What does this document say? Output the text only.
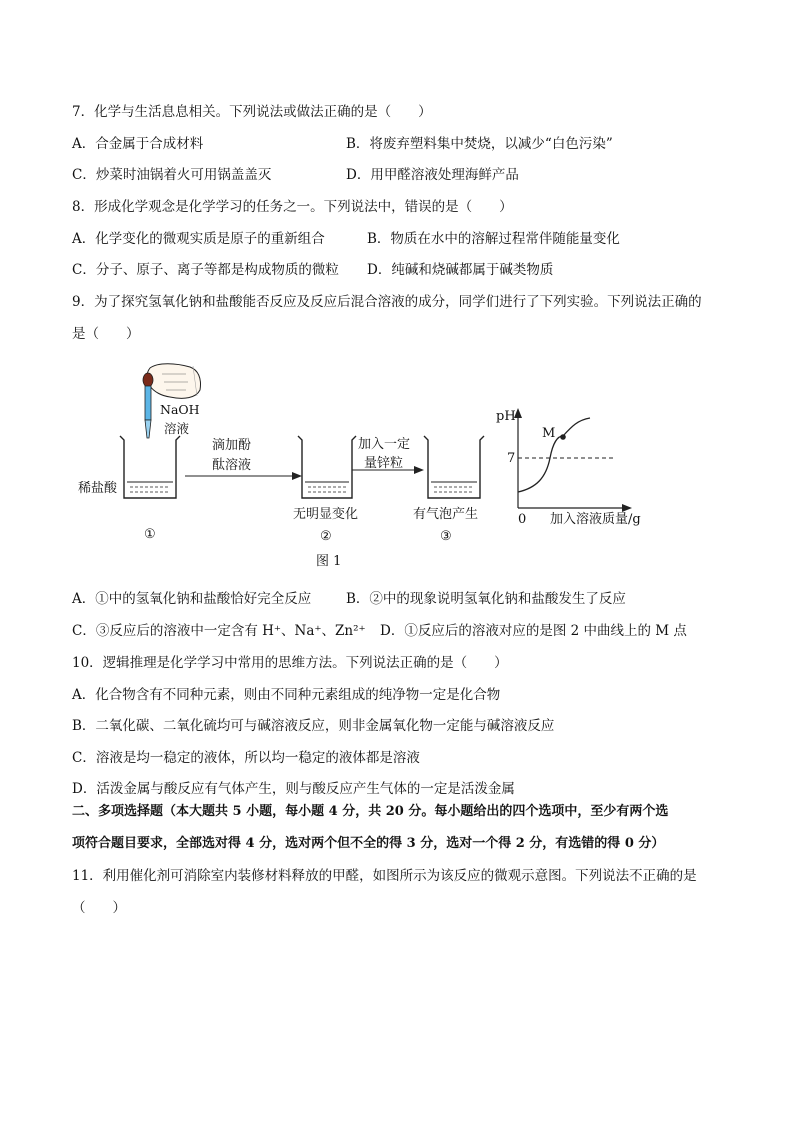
7．化学与生活息息相关。下列说法或做法正确的是（　　）
A．合金属于合成材料	B．将废弃塑料集中焚烧，以减少“白色污染”
C．炒菜时油锅着火可用锅盖盖灭	D．用甲醛溶液处理海鲜产品
8．形成化学观念是化学学习的任务之一。下列说法中，错误的是（　　）
A．化学变化的微观实质是原子的重新组合	B．物质在水中的溶解过程常伴随能量变化
C．分子、原子、离子等都是构成物质的微粒 D．纯碱和烧碱都属于碱类物质
9．为了探究氢氧化钠和盐酸能否反应及反应后混合溶液的成分，同学们进行了下列实验。下列说法正确的
是（　　）
NaOH
溶液
稀盐酸
①
滴加酚
酞溶液
无明显变化
②
加入一定
量锌粒
有气泡产生
③
图 1
pH
M
7
0 加入溶液质量/g
A．①中的氢氧化钠和盐酸恰好完全反应	B．②中的现象说明氢氧化钠和盐酸发生了反应
C．③反应后的溶液中一定含有 H⁺、Na⁺、Zn²⁺ D．①反应后的溶液对应的是图 2 中曲线上的 M 点
10．逻辑推理是化学学习中常用的思维方法。下列说法正确的是（　　）
A．化合物含有不同种元素，则由不同种元素组成的纯净物一定是化合物
B．二氧化碳、二氧化硫均可与碱溶液反应，则非金属氧化物一定能与碱溶液反应
C．溶液是均一稳定的液体，所以均一稳定的液体都是溶液
D．活泼金属与酸反应有气体产生，则与酸反应产生气体的一定是活泼金属
二、多项选择题（本大题共 5 小题，每小题 4 分，共 20 分。每小题给出的四个选项中，至少有两个选
项符合题目要求，全部选对得 4 分，选对两个但不全的得 3 分，选对一个得 2 分，有选错的得 0 分）
11．利用催化剂可消除室内装修材料释放的甲醛，如图所示为该反应的微观示意图。下列说法不正确的是
（　　）
